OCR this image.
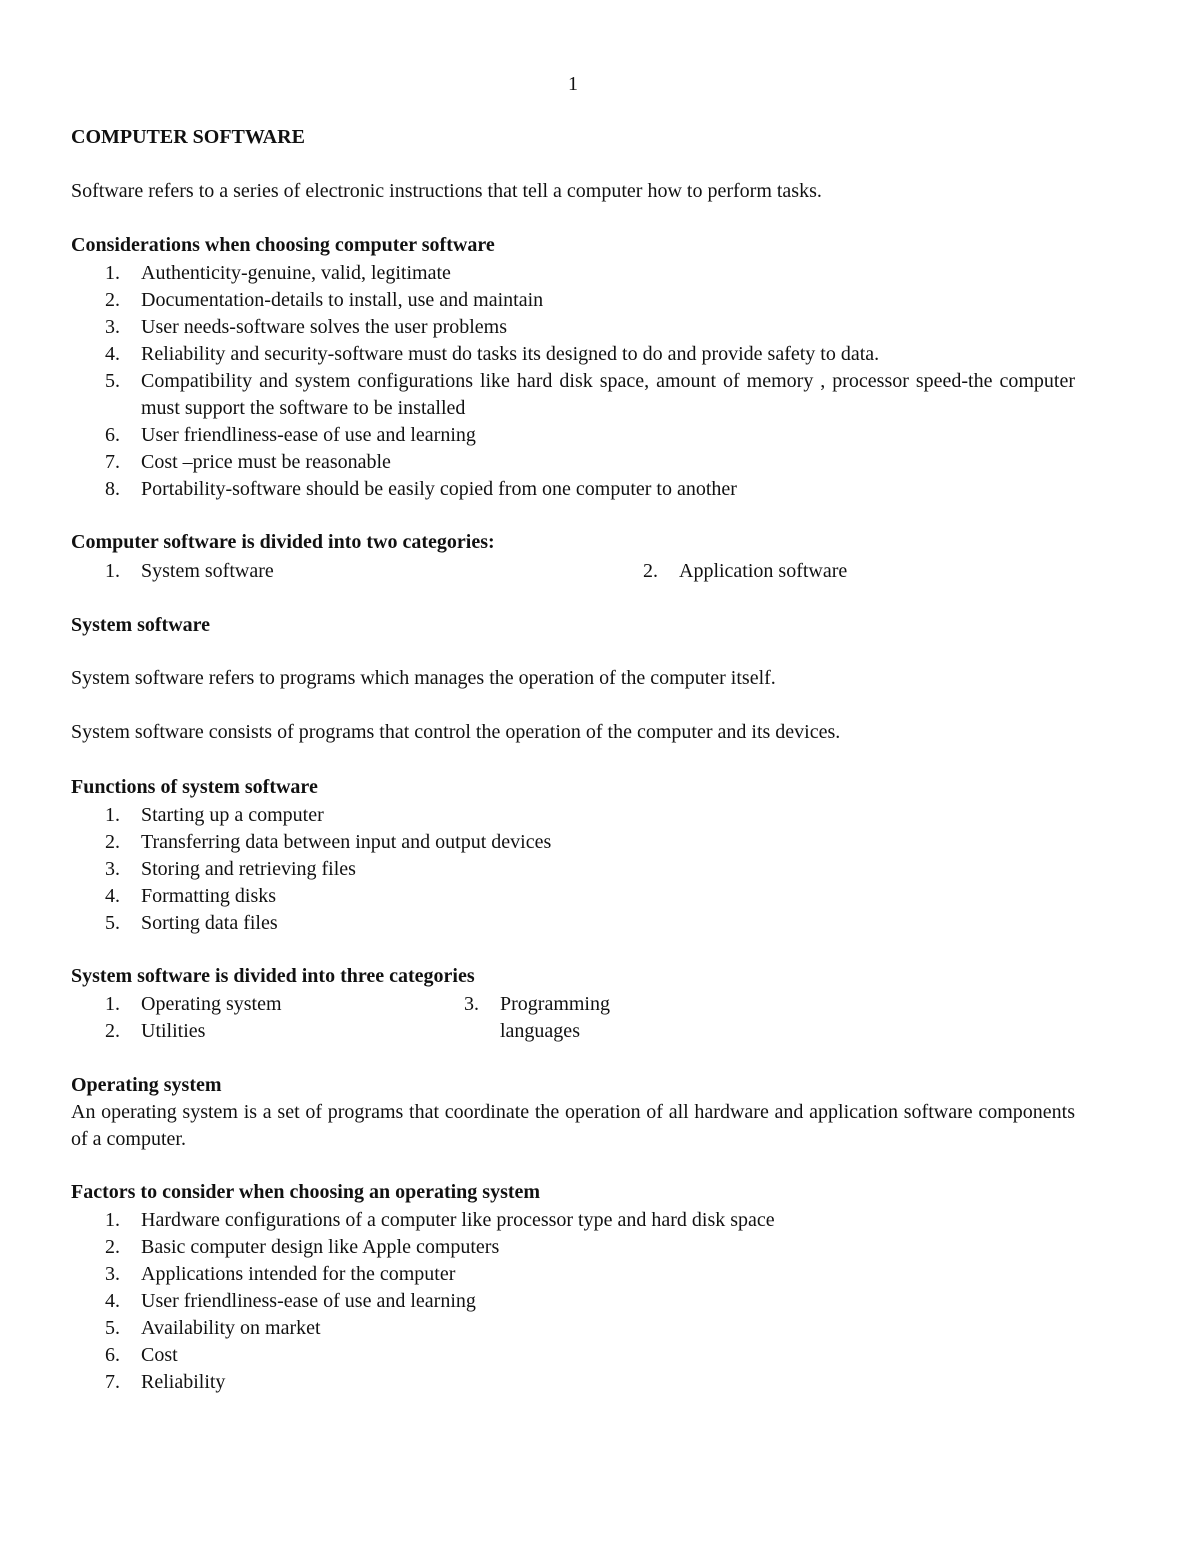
1
COMPUTER SOFTWARE
Software refers to a series of electronic instructions that tell a computer how to perform tasks.
Considerations when choosing computer software
1.	Authenticity-genuine, valid, legitimate
2.	Documentation-details to install, use and maintain
3.	User needs-software solves the user problems
4.	Reliability and security-software must do tasks its designed to do and provide safety to data.
5.	Compatibility and system configurations like hard disk space, amount of memory , processor speed-the computer must support the software to be installed
6.	User friendliness-ease of use and learning
7.	Cost –price must be reasonable
8.	Portability-software should be easily copied from one computer to another
Computer software is divided into two categories:
1. System software	2. Application software
System software
System software refers to programs which manages the operation of the computer itself.
System software consists of programs that control the operation of the computer and its devices.
Functions of system software
1.	Starting up a computer
2.	Transferring data between input and output devices
3.	Storing and retrieving files
4.	Formatting disks
5.	Sorting data files
System software is divided into three categories
1. Operating system
2. Utilities
3. Programming
languages
Operating system
An operating system is a set of programs that coordinate the operation of all hardware and application software components of a computer.
Factors to consider when choosing an operating system
1.	Hardware configurations of a computer like processor type and hard disk space
2.	Basic computer design like Apple computers
3.	Applications intended for the computer
4.	User friendliness-ease of use and learning
5.	Availability on market
6.	Cost
7.	Reliability
